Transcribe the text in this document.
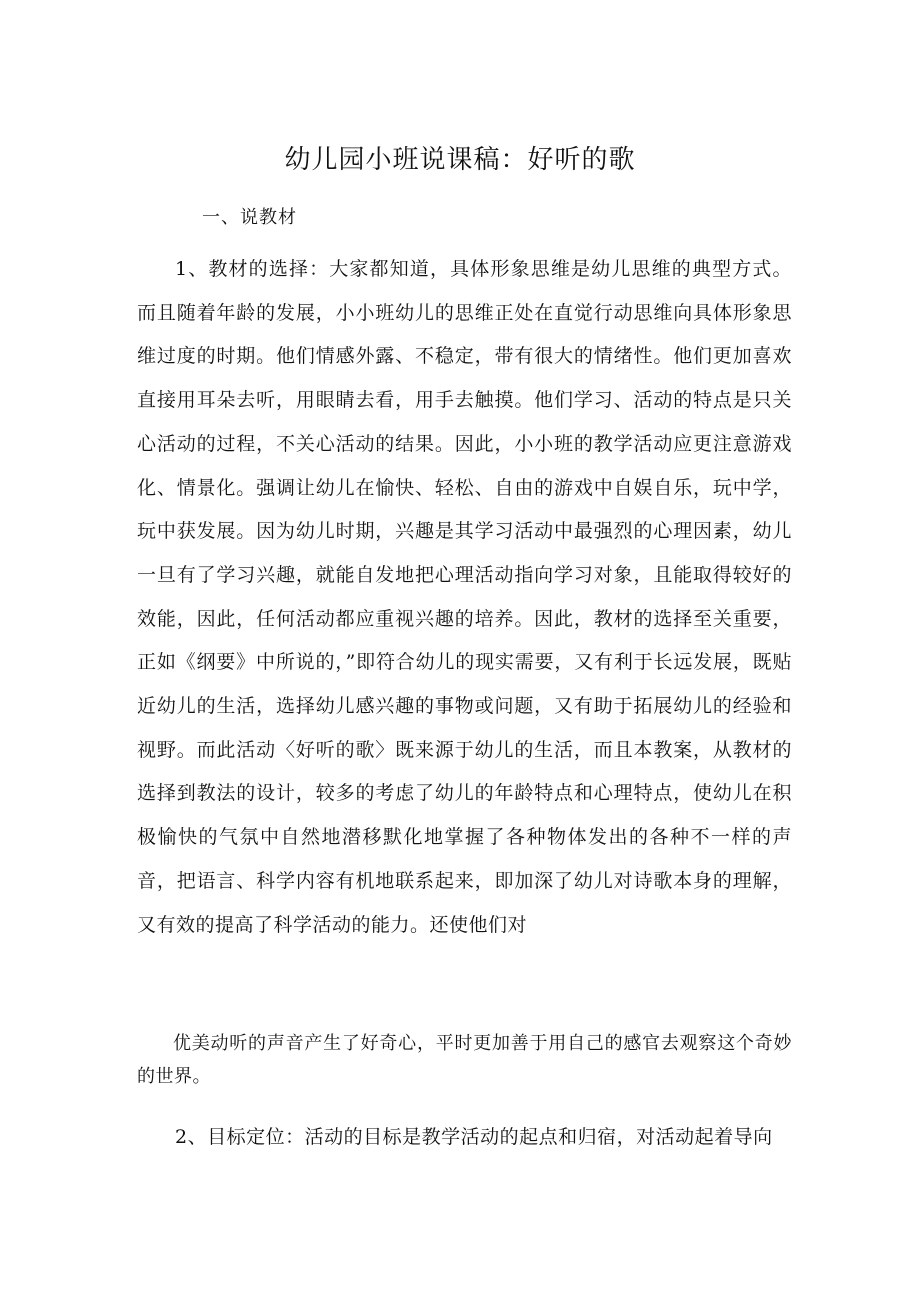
幼儿园小班说课稿：好听的歌
一、说教材

1、教材的选择：大家都知道，具体形象思维是幼儿思维的典型方式。而且随着年龄的发展，小小班幼儿的思维正处在直觉行动思维向具体形象思维过度的时期。他们情感外露、不稳定，带有很大的情绪性。他们更加喜欢直接用耳朵去听，用眼睛去看，用手去触摸。他们学习、活动的特点是只关心活动的过程，不关心活动的结果。因此，小小班的教学活动应更注意游戏化、情景化。强调让幼儿在愉快、轻松、自由的游戏中自娱自乐，玩中学，玩中获发展。因为幼儿时期，兴趣是其学习活动中最强烈的心理因素，幼儿一旦有了学习兴趣，就能自发地把心理活动指向学习对象，且能取得较好的效能，因此，任何活动都应重视兴趣的培养。因此，教材的选择至关重要，正如《纲要》中所说的，”即符合幼儿的现实需要，又有利于长远发展，既贴近幼儿的生活，选择幼儿感兴趣的事物或问题，又有助于拓展幼儿的经验和视野。而此活动〈好听的歌〉既来源于幼儿的生活，而且本教案，从教材的选择到教法的设计，较多的考虑了幼儿的年龄特点和心理特点，使幼儿在积极愉快的气氛中自然地潜移默化地掌握了各种物体发出的各种不一样的声音，把语言、科学内容有机地联系起来，即加深了幼儿对诗歌本身的理解，又有效的提高了科学活动的能力。还使他们对

优美动听的声音产生了好奇心，平时更加善于用自己的感官去观察这个奇妙的世界。

2、目标定位：活动的目标是教学活动的起点和归宿，对活动起着导向
